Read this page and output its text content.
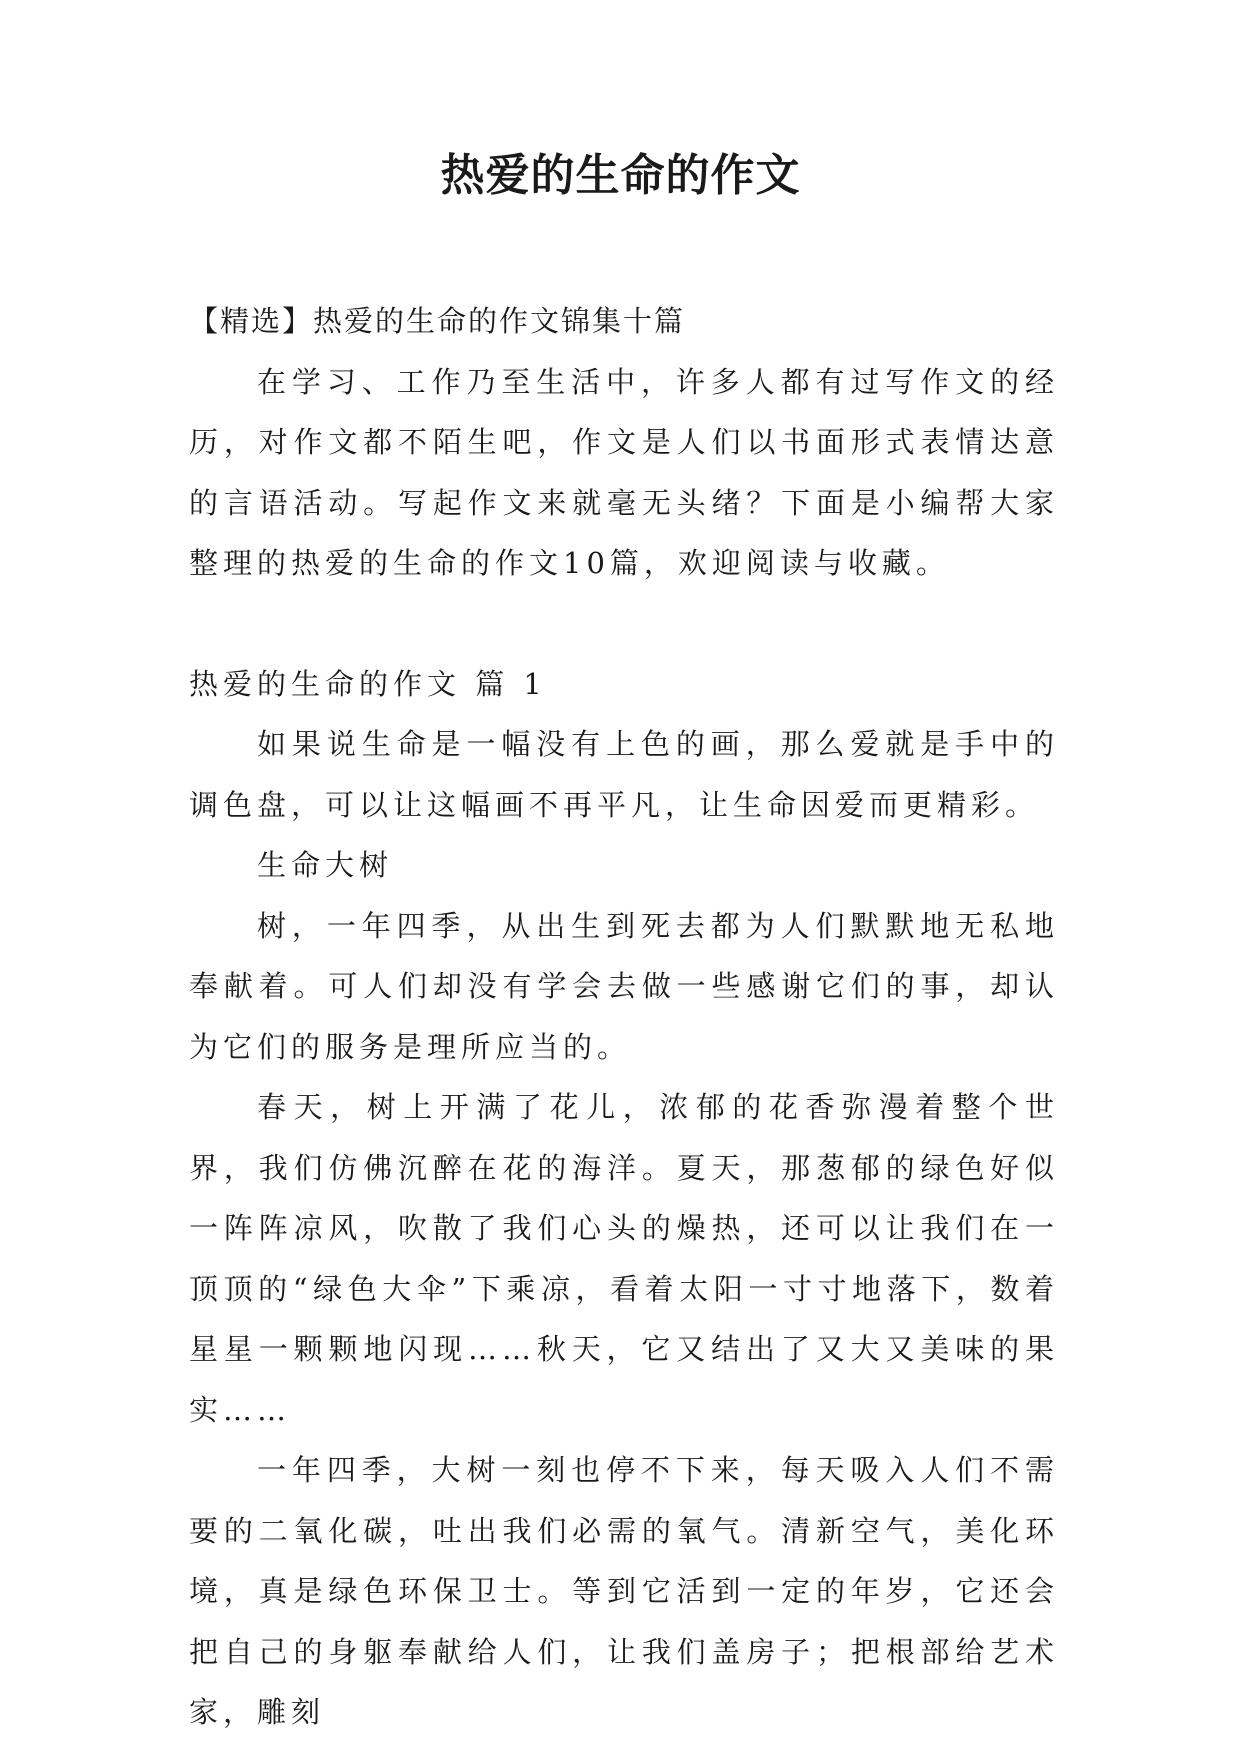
热爱的生命的作文

【精选】热爱的生命的作文锦集十篇

在学习、工作乃至生活中，许多人都有过写作文的经历，对作文都不陌生吧，作文是人们以书面形式表情达意的言语活动。写起作文来就毫无头绪？下面是小编帮大家整理的热爱的生命的作文10篇，欢迎阅读与收藏。

热爱的生命的作文 篇 1

如果说生命是一幅没有上色的画，那么爱就是手中的调色盘，可以让这幅画不再平凡，让生命因爱而更精彩。

生命大树

树，一年四季，从出生到死去都为人们默默地无私地奉献着。可人们却没有学会去做一些感谢它们的事，却认为它们的服务是理所应当的。

春天，树上开满了花儿，浓郁的花香弥漫着整个世界，我们仿佛沉醉在花的海洋。夏天，那葱郁的绿色好似一阵阵凉风，吹散了我们心头的燥热，还可以让我们在一顶顶的“绿色大伞”下乘凉，看着太阳一寸寸地落下，数着星星一颗颗地闪现……秋天，它又结出了又大又美味的果实……

一年四季，大树一刻也停不下来，每天吸入人们不需要的二氧化碳，吐出我们必需的氧气。清新空气，美化环境，真是绿色环保卫士。等到它活到一定的年岁，它还会把自己的身躯奉献给人们，让我们盖房子；把根部给艺术家，雕刻
